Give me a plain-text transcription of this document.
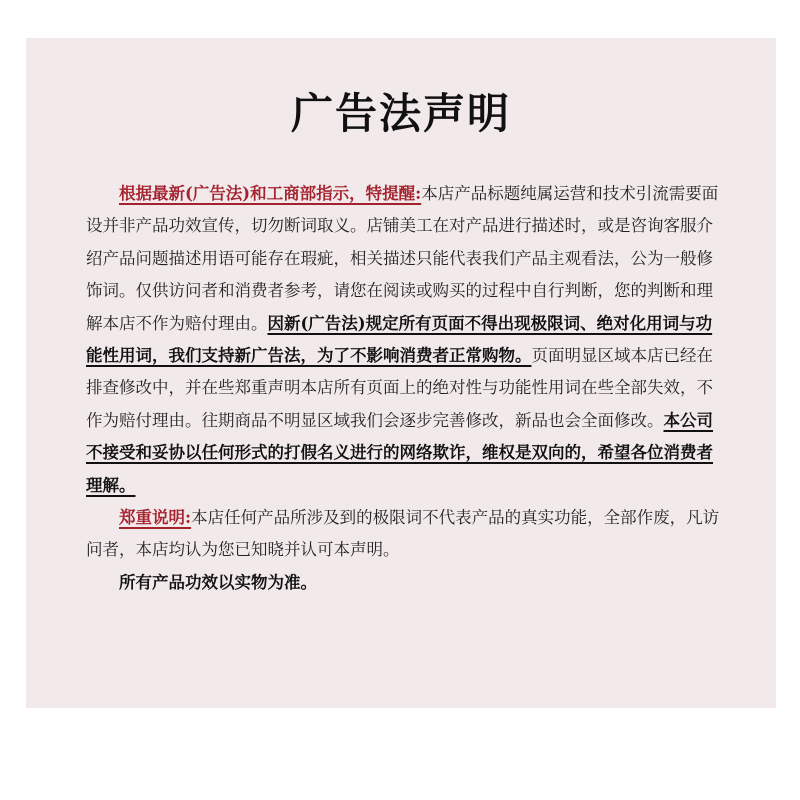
广告法声明

根据最新(广告法)和工商部指示，特提醒:本店产品标题纯属运营和技术引流需要面设并非产品功效宣传，切勿断词取义。店铺美工在对产品进行描述时，或是咨询客服介绍产品问题描述用语可能存在瑕疵，相关描述只能代表我们产品主观看法，公为一般修饰词。仅供访问者和消费者参考，请您在阅读或购买的过程中自行判断，您的判断和理解本店不作为赔付理由。因新(广告法)规定所有页面不得出现极限词、绝对化用词与功能性用词，我们支持新广告法，为了不影响消费者正常购物。页面明显区域本店已经在排查修改中，并在些郑重声明本店所有页面上的绝对性与功能性用词在些全部失效，不作为赔付理由。往期商品不明显区域我们会逐步完善修改，新品也会全面修改。本公司不接受和妥协以任何形式的打假名义进行的网络欺诈，维权是双向的，希望各位消费者理解。

郑重说明:本店任何产品所涉及到的极限词不代表产品的真实功能，全部作废，凡访问者，本店均认为您已知晓并认可本声明。

所有产品功效以实物为准。
